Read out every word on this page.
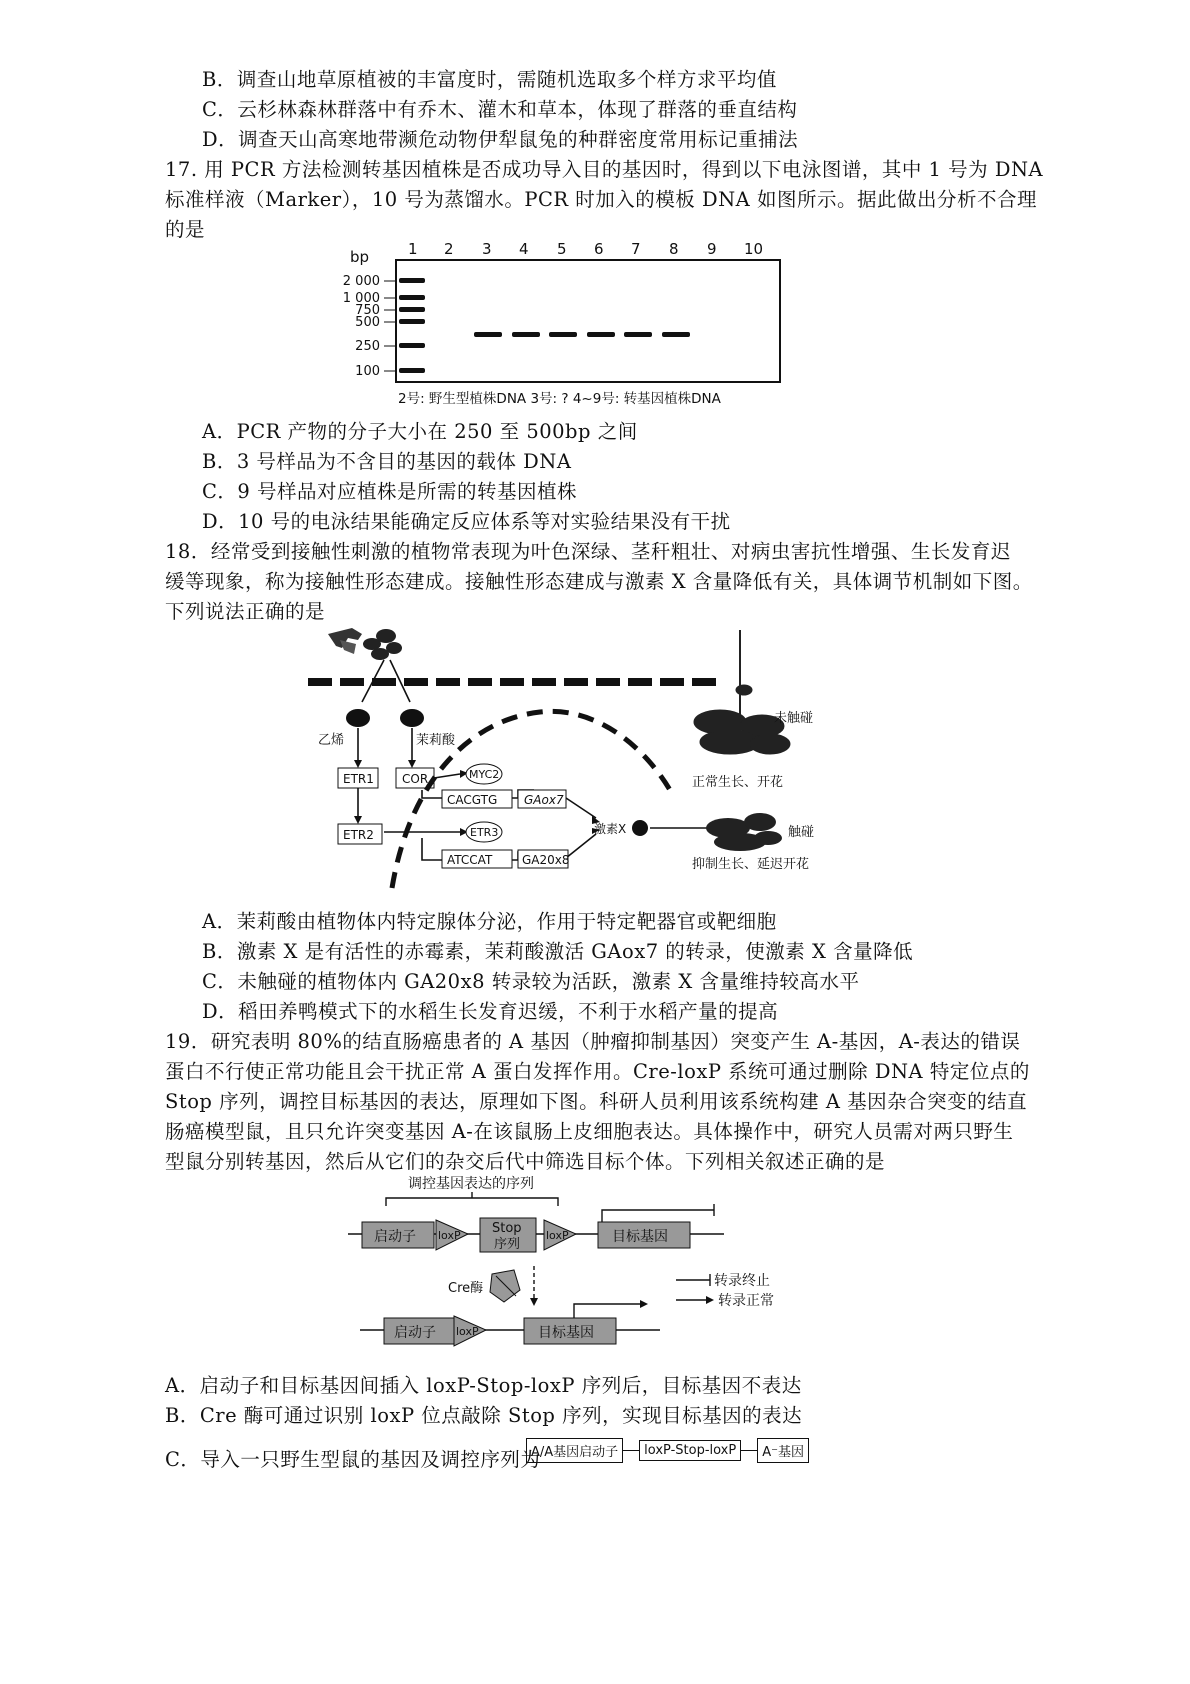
B．调查山地草原植被的丰富度时，需随机选取多个样方求平均值
C．云杉林森林群落中有乔木、灌木和草本，体现了群落的垂直结构
D．调查天山高寒地带濒危动物伊犁鼠兔的种群密度常用标记重捕法
17. 用 PCR 方法检测转基因植株是否成功导入目的基因时，得到以下电泳图谱，其中 1 号为 DNA
标准样液（Marker），10 号为蒸馏水。PCR 时加入的模板 DNA 如图所示。据此做出分析不合理
的是
bp	1 2 3 4 5 6 7 8 9 10
2 000
1 000
750
500
250
100
2号: 野生型植株DNA 3号: ? 4~9号: 转基因植株DNA
A．PCR 产物的分子大小在 250 至 500bp 之间
B．3 号样品为不含目的基因的载体 DNA
C．9 号样品对应植株是所需的转基因植株
D．10 号的电泳结果能确定反应体系等对实验结果没有干扰
18．经常受到接触性刺激的植物常表现为叶色深绿、茎秆粗壮、对病虫害抗性增强、生长发育迟
缓等现象，称为接触性形态建成。接触性形态建成与激素 X 含量降低有关，具体调节机制如下图。
下列说法正确的是
乙烯	茉莉酸
ETR1
ETR2
COR	MYC2
CACGTG GAox7
ETR3
ATCCAT GA20x8
激素X
未触碰
正常生长、开花
触碰
抑制生长、延迟开花
A．茉莉酸由植物体内特定腺体分泌，作用于特定靶器官或靶细胞
B．激素 X 是有活性的赤霉素，茉莉酸激活 GAox7 的转录，使激素 X 含量降低
C．未触碰的植物体内 GA20x8 转录较为活跃，激素 X 含量维持较高水平
D．稻田养鸭模式下的水稻生长发育迟缓，不利于水稻产量的提高
19．研究表明 80%的结直肠癌患者的 A 基因（肿瘤抑制基因）突变产生 A-基因，A-表达的错误
蛋白不行使正常功能且会干扰正常 A 蛋白发挥作用。Cre-loxP 系统可通过删除 DNA 特定位点的
Stop 序列，调控目标基因的表达，原理如下图。科研人员利用该系统构建 A 基因杂合突变的结直
肠癌模型鼠，且只允许突变基因 A-在该鼠肠上皮细胞表达。具体操作中，研究人员需对两只野生
型鼠分别转基因，然后从它们的杂交后代中筛选目标个体。下列相关叙述正确的是
调控基因表达的序列
启动子 loxP Stop
序列
loxP	目标基因
Cre酶	转录终止
转录正常
启动子 loxP	目标基因
A．启动子和目标基因间插入 loxP-Stop-loxP 序列后，目标基因不表达
B．Cre 酶可通过识别 loxP 位点敲除 Stop 序列，实现目标基因的表达
C．导入一只野生型鼠的基因及调控序列为
A/A基因启动子	loxP-Stop-loxP	A⁻基因
